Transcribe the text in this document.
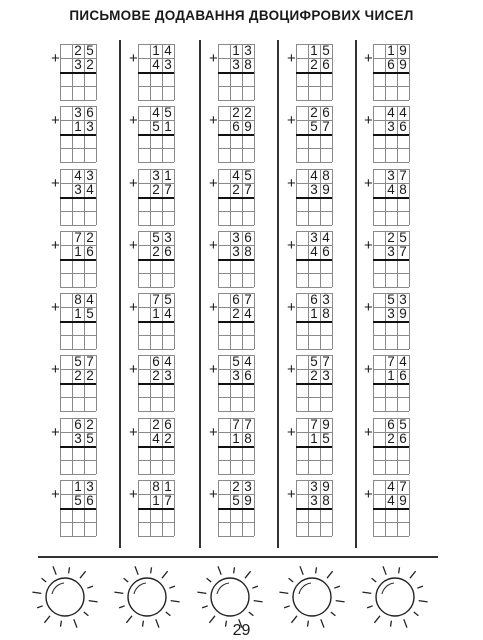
ПИСЬМОВЕ ДОДАВАННЯ ДВОЦИФРОВИХ ЧИСЕЛ
+ 2 5
3 2
+ 3 6
1 3
+ 4 3
3 4
+ 7 2
1 6
+ 8 4
1 5
+ 5 7
2 2
+ 6 2
3 5
+ 1 3
5 6
+ 1 4
4 3
+ 4 5
5 1
+ 3 1
2 7
+ 5 3
2 6
+ 7 5
1 4
+ 6 4
2 3
+ 2 6
4 2
+ 8 1
1 7
+ 1 3
3 8
+ 2 2
6 9
+ 4 5
2 7
+ 3 6
3 8
+ 6 7
2 4
+ 5 4
3 6
+ 7 7
1 8
+ 2 3
5 9
+ 1 5
2 6
+ 2 6
5 7
+ 4 8
3 9
+ 3 4
4 6
+ 6 3
1 8
+ 5 7
2 3
+ 7 9
1 5
+ 3 9
3 8
+ 1 9
6 9
+ 4 4
3 6
+ 3 7
4 8
+ 2 5
3 7
+ 5 3
3 9
+ 7 4
1 6
+ 6 5
2 6
+ 4 7
4 9
29
